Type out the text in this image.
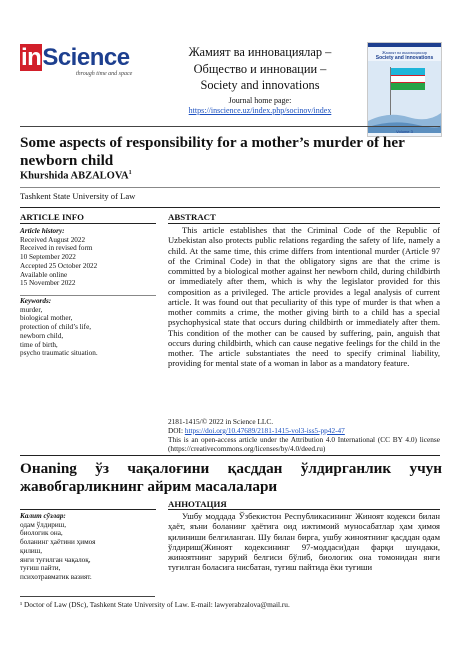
inScience
through time and space
Жамият ва инновациялар –
Общество и инновации –
Society and innovations
Journal home page:
https://inscience.uz/index.php/socinov/index
Жамият ва инновациялар
Society and innovations
Volume 3
Some aspects of responsibility for a mother’s murder of her newborn child
Khurshida ABZALOVA$^1$
Tashkent State University of Law
ARTICLE INFO
Article history:
Received August 2022
Received in revised form
10 September 2022
Accepted 25 October 2022
Available online
15 November 2022
Keywords:
murder,
biological mother,
protection of child’s life,
newborn child,
time of birth,
psycho traumatic situation.
ABSTRACT

This article establishes that the Criminal Code of the Republic of Uzbekistan also protects public relations regarding the safety of life, namely a child. At the same time, this crime differs from intentional murder (Article 97 of the Criminal Code) in that the obligatory signs are that the crime is committed by a biological mother against her newborn child, during childbirth or immediately after them, which is why the legislator provided for this composition as a privileged. The article provides a legal analysis of current article. It was found out that peculiarity of this type of murder is that when a mother commits a crime, the mother giving birth to a child has a special psychophysical state that occurs during childbirth or immediately after them. This condition of the mother can be caused by suffering, pain, anguish that occurs during childbirth, which can cause negative feelings for the child in the mother. The article substantiates the need to specify criminal liability, providing for mental state of a woman in labor as a mandatory feature.

2181-1415/© 2022 in Science LLC.
DOI: https://doi.org/10.47689/2181-1415-vol3-iss5-pp42-47
This is an open-access article under the Attribution 4.0 International (CC BY 4.0) license (https://creativecommons.org/licenses/by/4.0/deed.ru)
Онаning ўз чақалоғини қасддан ўлдирганлик учун жавобгарликнинг айрим масалалари
АННОТАЦИЯ
Калит сўзлар:
одам ўлдириш,
биологик она,
боланинг ҳаётини ҳимоя
қилиш,
янги туғилган чақалоқ,
туғиш пайти,
психотравматик вазият.

Ушбу моддада Ўзбекистон Республикасининг Жиноят кодекси билан ҳаёт, яъни боланинг ҳаётига оид ижтимоий муносабатлар ҳам ҳимоя қилиниши белгиланган. Шу билан бирга, ушбу жиноятнинг қасддан одам ўлдириш(Жиноят кодексининг 97-моддаси)дан фарқи шундаки, жиноятнинг зарурий белгиси бўлиб, биологик она томонидан янги туғилган боласига нисбатан, туғиш пайтида ёки туғиши

¹ Doctor of Law (DSc), Tashkent State University of Law. E-mail: lawyerabzalova@mail.ru.
